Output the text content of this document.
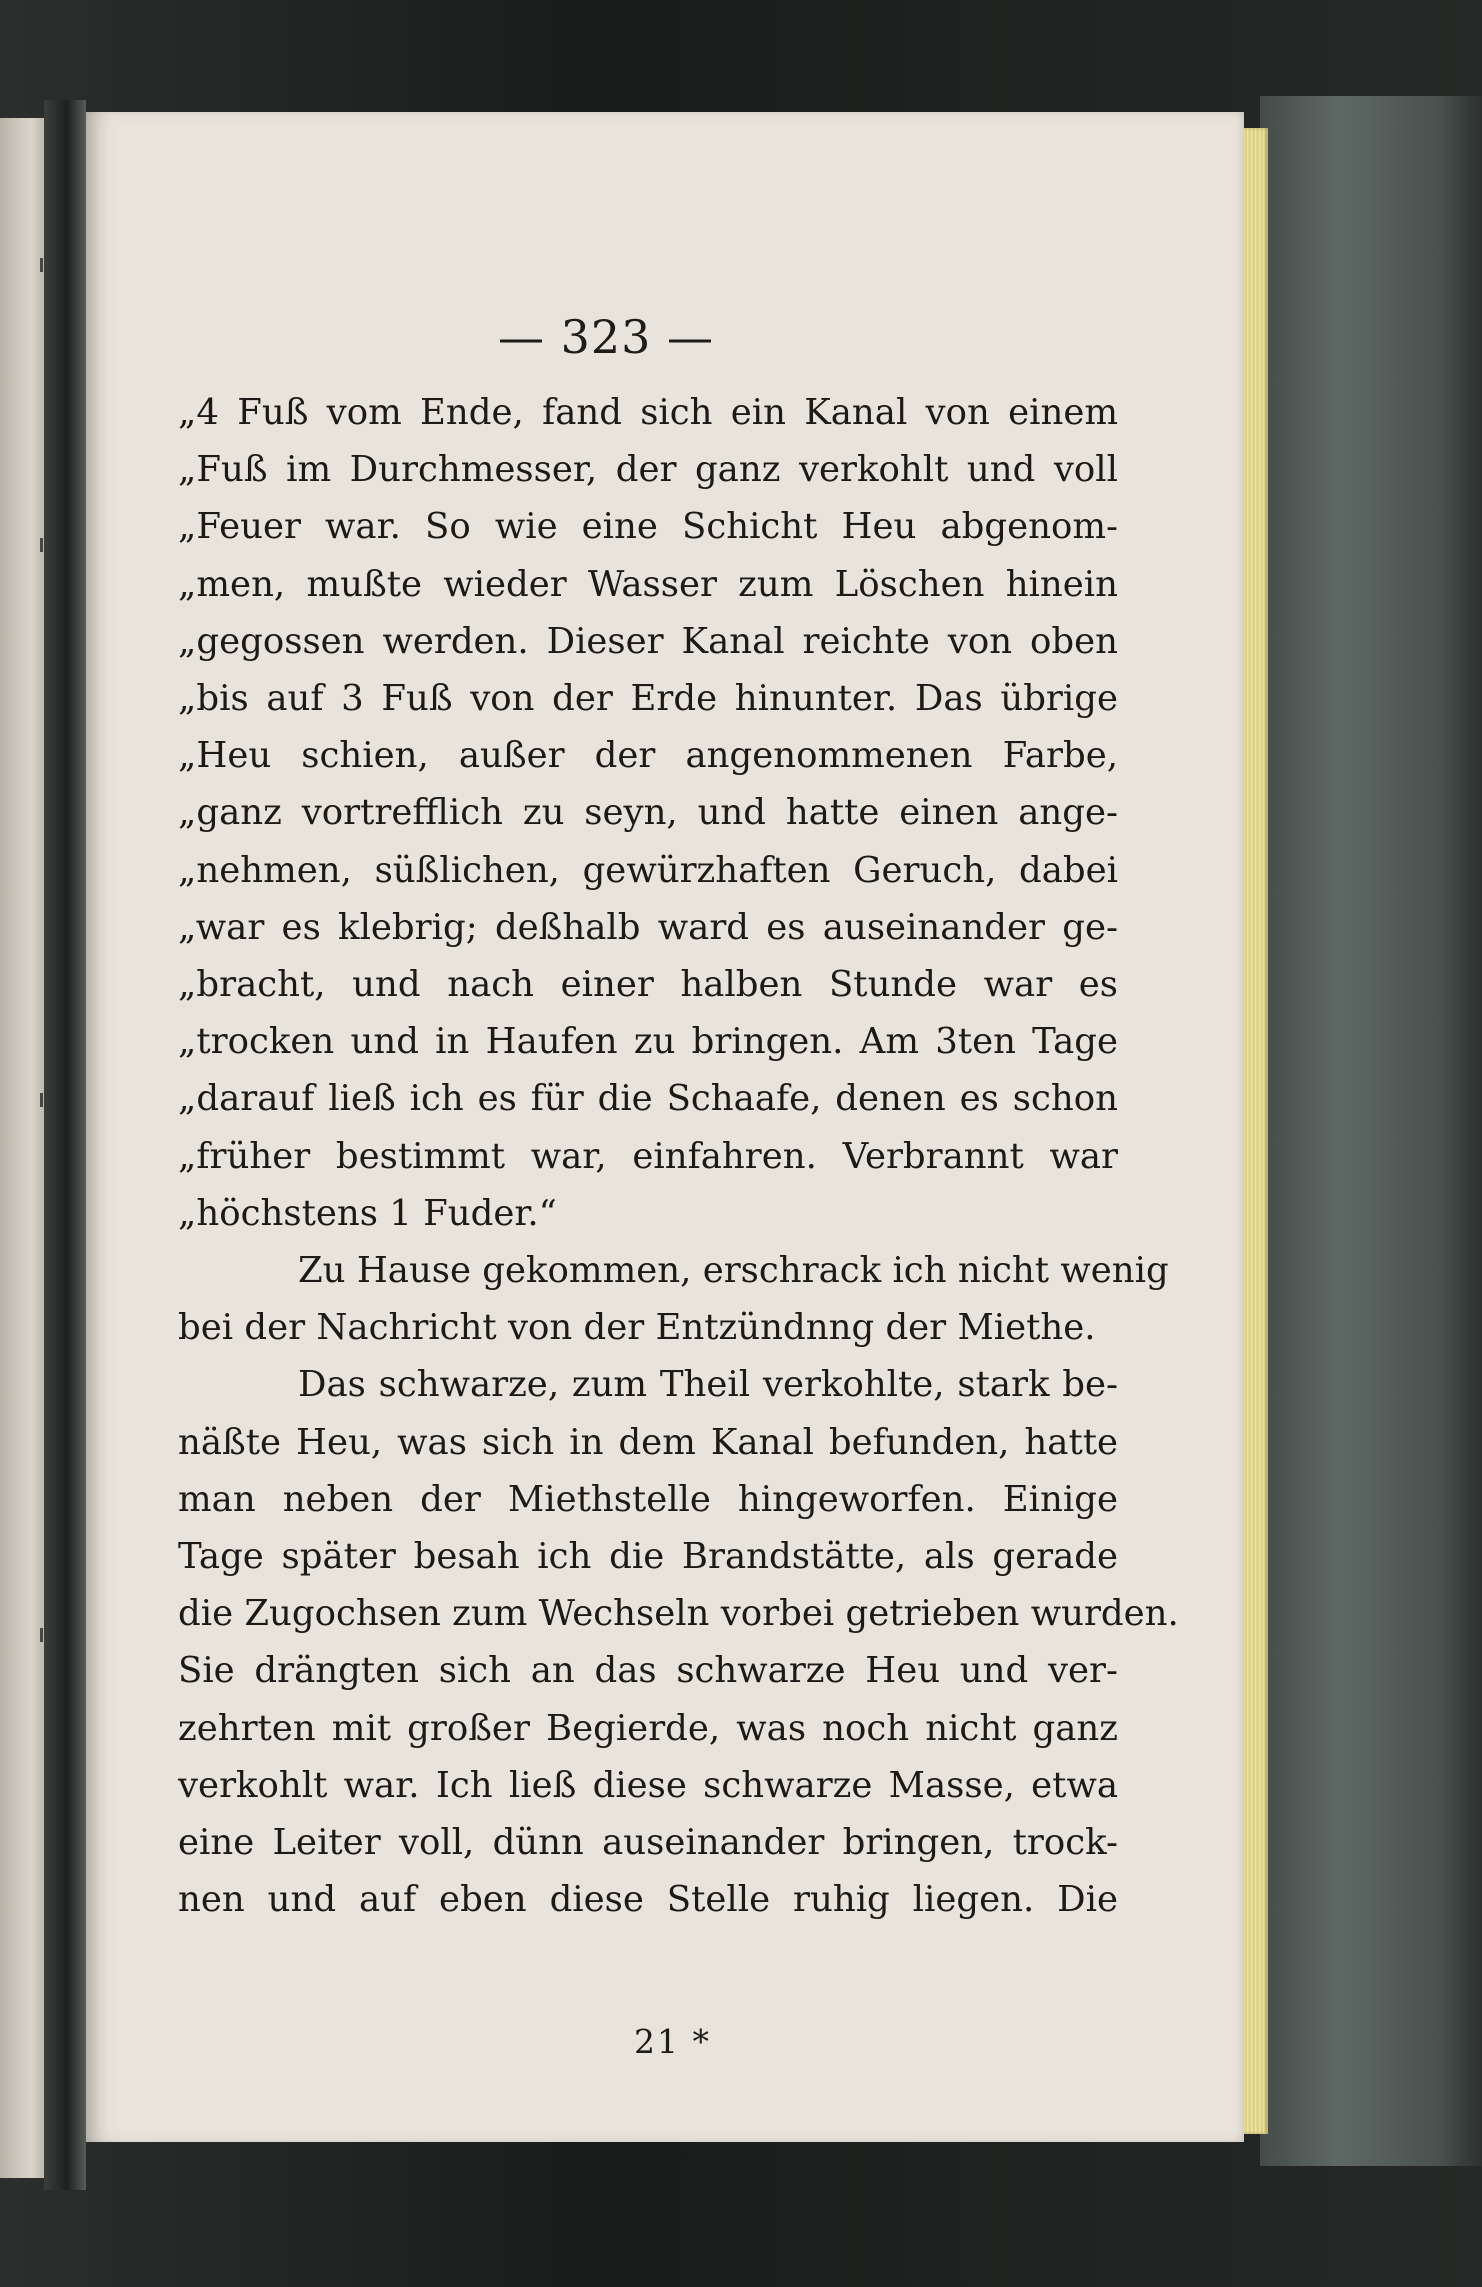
— 323 —
„4 Fuß vom Ende, fand sich ein Kanal von einem
„Fuß im Durchmesser, der ganz verkohlt und voll
„Feuer war. So wie eine Schicht Heu abgenom-
„men, mußte wieder Wasser zum Löschen hinein
„gegossen werden. Dieser Kanal reichte von oben
„bis auf 3 Fuß von der Erde hinunter. Das übrige
„Heu schien, außer der angenommenen Farbe,
„ganz vortrefflich zu seyn, und hatte einen ange-
„nehmen, süßlichen, gewürzhaften Geruch, dabei
„war es klebrig; deßhalb ward es auseinander ge-
„bracht, und nach einer halben Stunde war es
„trocken und in Haufen zu bringen. Am 3ten Tage
„darauf ließ ich es für die Schaafe, denen es schon
„früher bestimmt war, einfahren. Verbrannt war
„höchstens 1 Fuder.“
Zu Hause gekommen, erschrack ich nicht wenig
bei der Nachricht von der Entzündnng der Miethe.
Das schwarze, zum Theil verkohlte, stark be-
näßte Heu, was sich in dem Kanal befunden, hatte
man neben der Miethstelle hingeworfen. Einige
Tage später besah ich die Brandstätte, als gerade
die Zugochsen zum Wechseln vorbei getrieben wurden.
Sie drängten sich an das schwarze Heu und ver-
zehrten mit großer Begierde, was noch nicht ganz
verkohlt war. Ich ließ diese schwarze Masse, etwa
eine Leiter voll, dünn auseinander bringen, trock-
nen und auf eben diese Stelle ruhig liegen. Die
21 *
